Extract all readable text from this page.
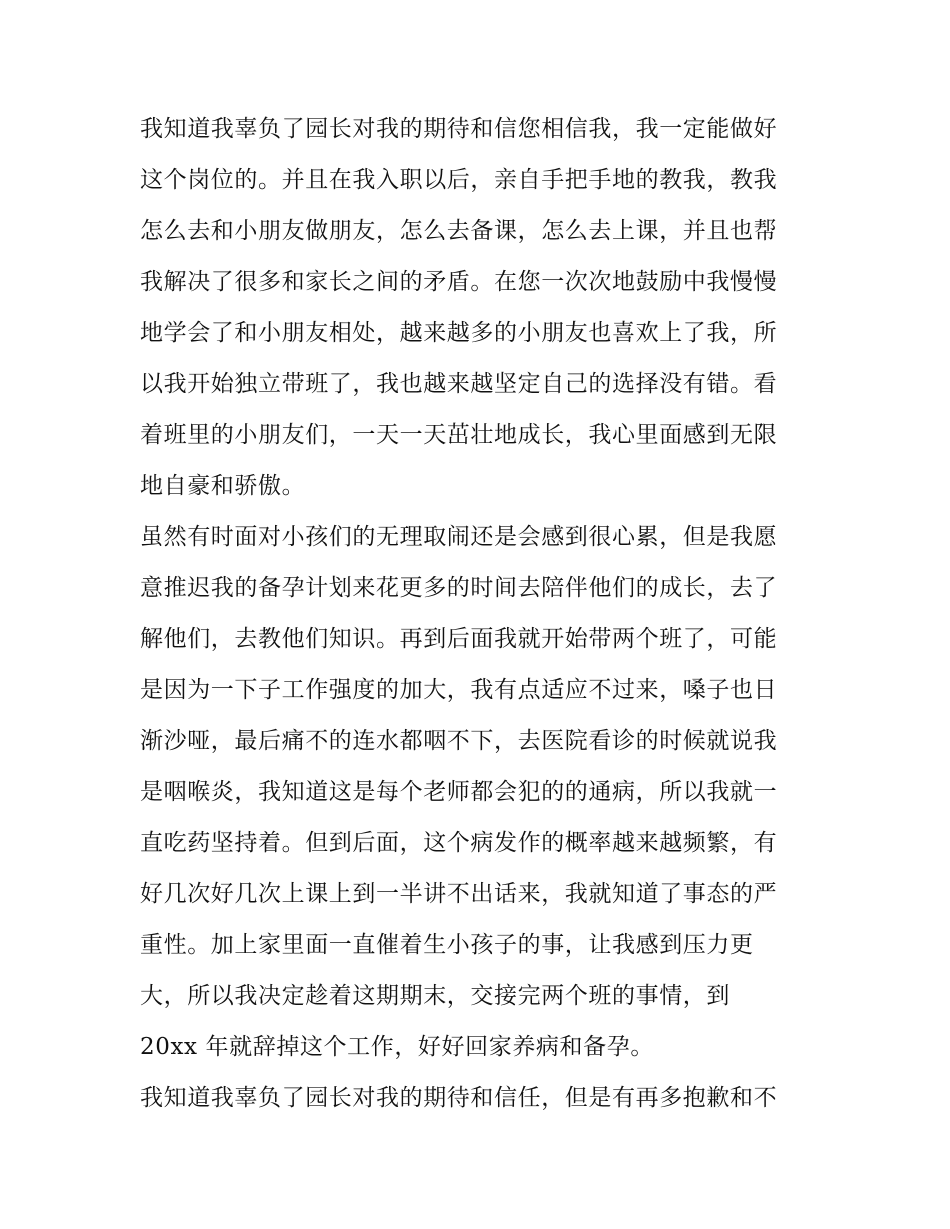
我知道我辜负了园长对我的期待和信您相信我，我一定能做好
这个岗位的。并且在我入职以后，亲自手把手地的教我，教我
怎么去和小朋友做朋友，怎么去备课，怎么去上课，并且也帮
我解决了很多和家长之间的矛盾。在您一次次地鼓励中我慢慢
地学会了和小朋友相处，越来越多的小朋友也喜欢上了我，所
以我开始独立带班了，我也越来越坚定自己的选择没有错。看
着班里的小朋友们，一天一天茁壮地成长，我心里面感到无限
地自豪和骄傲。
虽然有时面对小孩们的无理取闹还是会感到很心累，但是我愿
意推迟我的备孕计划来花更多的时间去陪伴他们的成长，去了
解他们，去教他们知识。再到后面我就开始带两个班了，可能
是因为一下子工作强度的加大，我有点适应不过来，嗓子也日
渐沙哑，最后痛不的连水都咽不下，去医院看诊的时候就说我
是咽喉炎，我知道这是每个老师都会犯的的通病，所以我就一
直吃药坚持着。但到后面，这个病发作的概率越来越频繁，有
好几次好几次上课上到一半讲不出话来，我就知道了事态的严
重性。加上家里面一直催着生小孩子的事，让我感到压力更
大，所以我决定趁着这期期末，交接完两个班的事情，到
20xx 年就辞掉这个工作，好好回家养病和备孕。
我知道我辜负了园长对我的期待和信任，但是有再多抱歉和不
